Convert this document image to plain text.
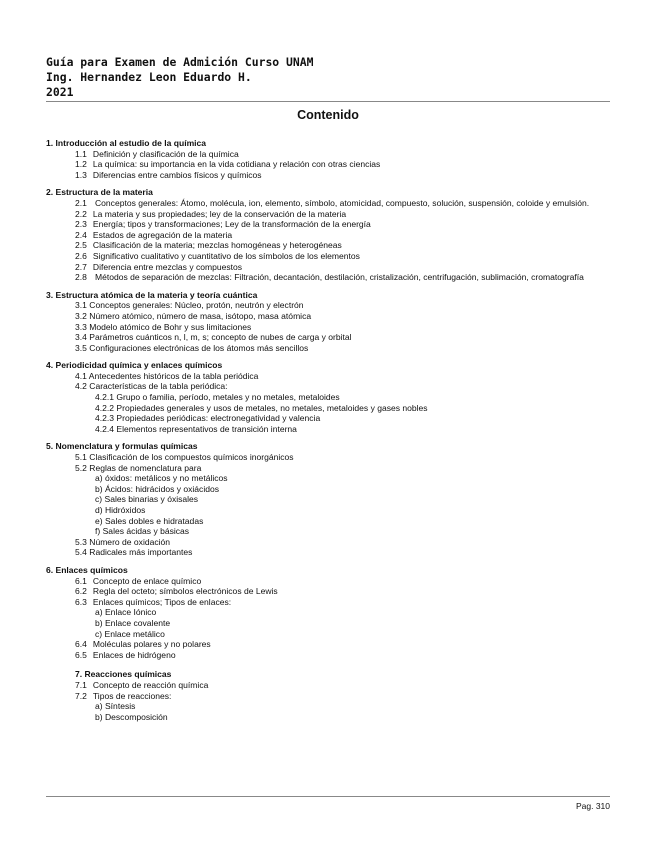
Guía para Examen de Admición Curso UNAM
Ing. Hernandez Leon Eduardo H.
2021
Contenido
1. Introducción al estudio de la química
1.1 Definición y clasificación de la química
1.2 La química: su importancia en la vida cotidiana y relación con otras ciencias
1.3 Diferencias entre cambios físicos y químicos
2. Estructura de la materia
2.1 Conceptos generales: Átomo, molécula, ion, elemento, símbolo, atomicidad, compuesto, solución, suspensión, coloide y emulsión.
2.2 La materia y sus propiedades; ley de la conservación de la materia
2.3 Energía; tipos y transformaciones; Ley de la transformación de la energía
2.4 Estados de agregación de la materia
2.5 Clasificación de la materia; mezclas homogéneas y heterogéneas
2.6 Significativo cualitativo y cuantitativo de los símbolos de los elementos
2.7 Diferencia entre mezclas y compuestos
2.8 Métodos de separación de mezclas: Filtración, decantación, destilación, cristalización, centrifugación, sublimación, cromatografía
3. Estructura atómica de la materia y teoría cuántica
3.1 Conceptos generales: Núcleo, protón, neutrón y electrón
3.2 Número atómico, número de masa, isótopo, masa atómica
3.3 Modelo atómico de Bohr y sus limitaciones
3.4 Parámetros cuánticos n, l, m, s; concepto de nubes de carga y orbital
3.5 Configuraciones electrónicas de los átomos más sencillos
4. Periodicidad química y enlaces químicos
4.1 Antecedentes históricos de la tabla periódica
4.2 Características de la tabla periódica:
4.2.1 Grupo o familia, período, metales y no metales, metaloides
4.2.2 Propiedades generales y usos de metales, no metales, metaloides y gases nobles
4.2.3 Propiedades periódicas: electronegatividad y valencia
4.2.4 Elementos representativos de transición interna
5. Nomenclatura y formulas químicas
5.1 Clasificación de los compuestos químicos inorgánicos
5.2 Reglas de nomenclatura para
a) óxidos: metálicos y no metálicos
b) Ácidos: hidrácidos y oxiácidos
c) Sales binarias y óxisales
d) Hidróxidos
e) Sales dobles e hidratadas
f) Sales ácidas y básicas
5.3 Número de oxidación
5.4 Radicales más importantes
6. Enlaces químicos
6.1 Concepto de enlace químico
6.2 Regla del octeto; símbolos electrónicos de Lewis
6.3 Enlaces químicos; Tipos de enlaces:
a) Enlace Iónico
b) Enlace covalente
c) Enlace metálico
6.4 Moléculas polares y no polares
6.5 Enlaces de hidrógeno
7. Reacciones químicas
7.1 Concepto de reacción química
7.2 Tipos de reacciones:
a) Síntesis
b) Descomposición
Pag. 310
